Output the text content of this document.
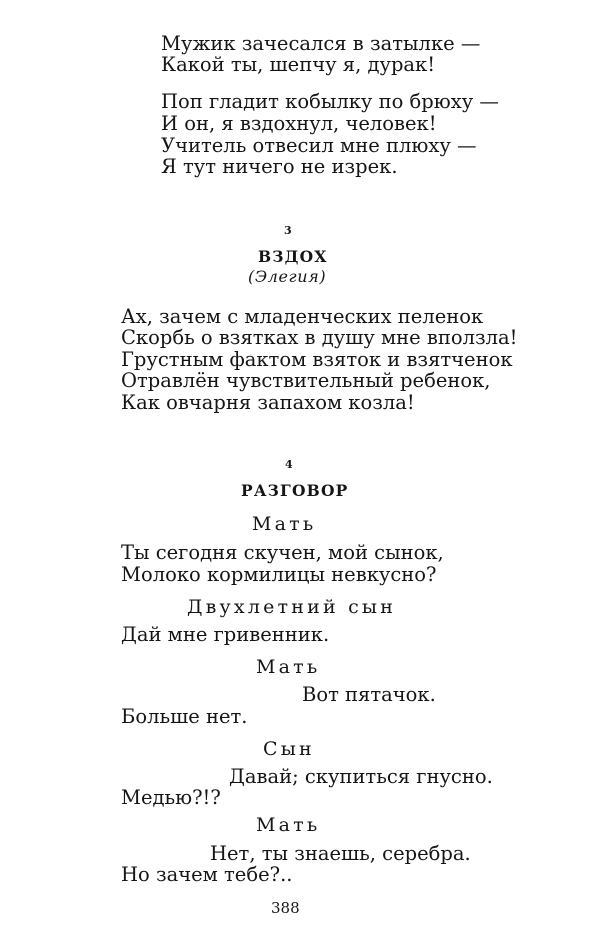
Мужик зачесался в затылке —
Какой ты, шепчу я, дурак!
Поп гладит кобылку по брюху —
И он, я вздохнул, человек!
Учитель отвесил мне плюху —
Я тут ничего не изрек.
3
ВЗДОХ
(Элегия)
Ах, зачем с младенческих пеленок
Скорбь о взятках в душу мне вползла!
Грустным фактом взяток и взятченок
Отравлён чувствительный ребенок,
Как овчарня запахом козла!
4
РАЗГОВОР
Мать
Ты сегодня скучен, мой сынок,
Молоко кормилицы невкусно?
Двухлетний сын
Дай мне гривенник.
Мать
Вот пятачок.
Больше нет.
Сын
Давай; скупиться гнусно.
Медью?!?
Мать
Нет, ты знаешь, серебра.
Но зачем тебе?..
388
